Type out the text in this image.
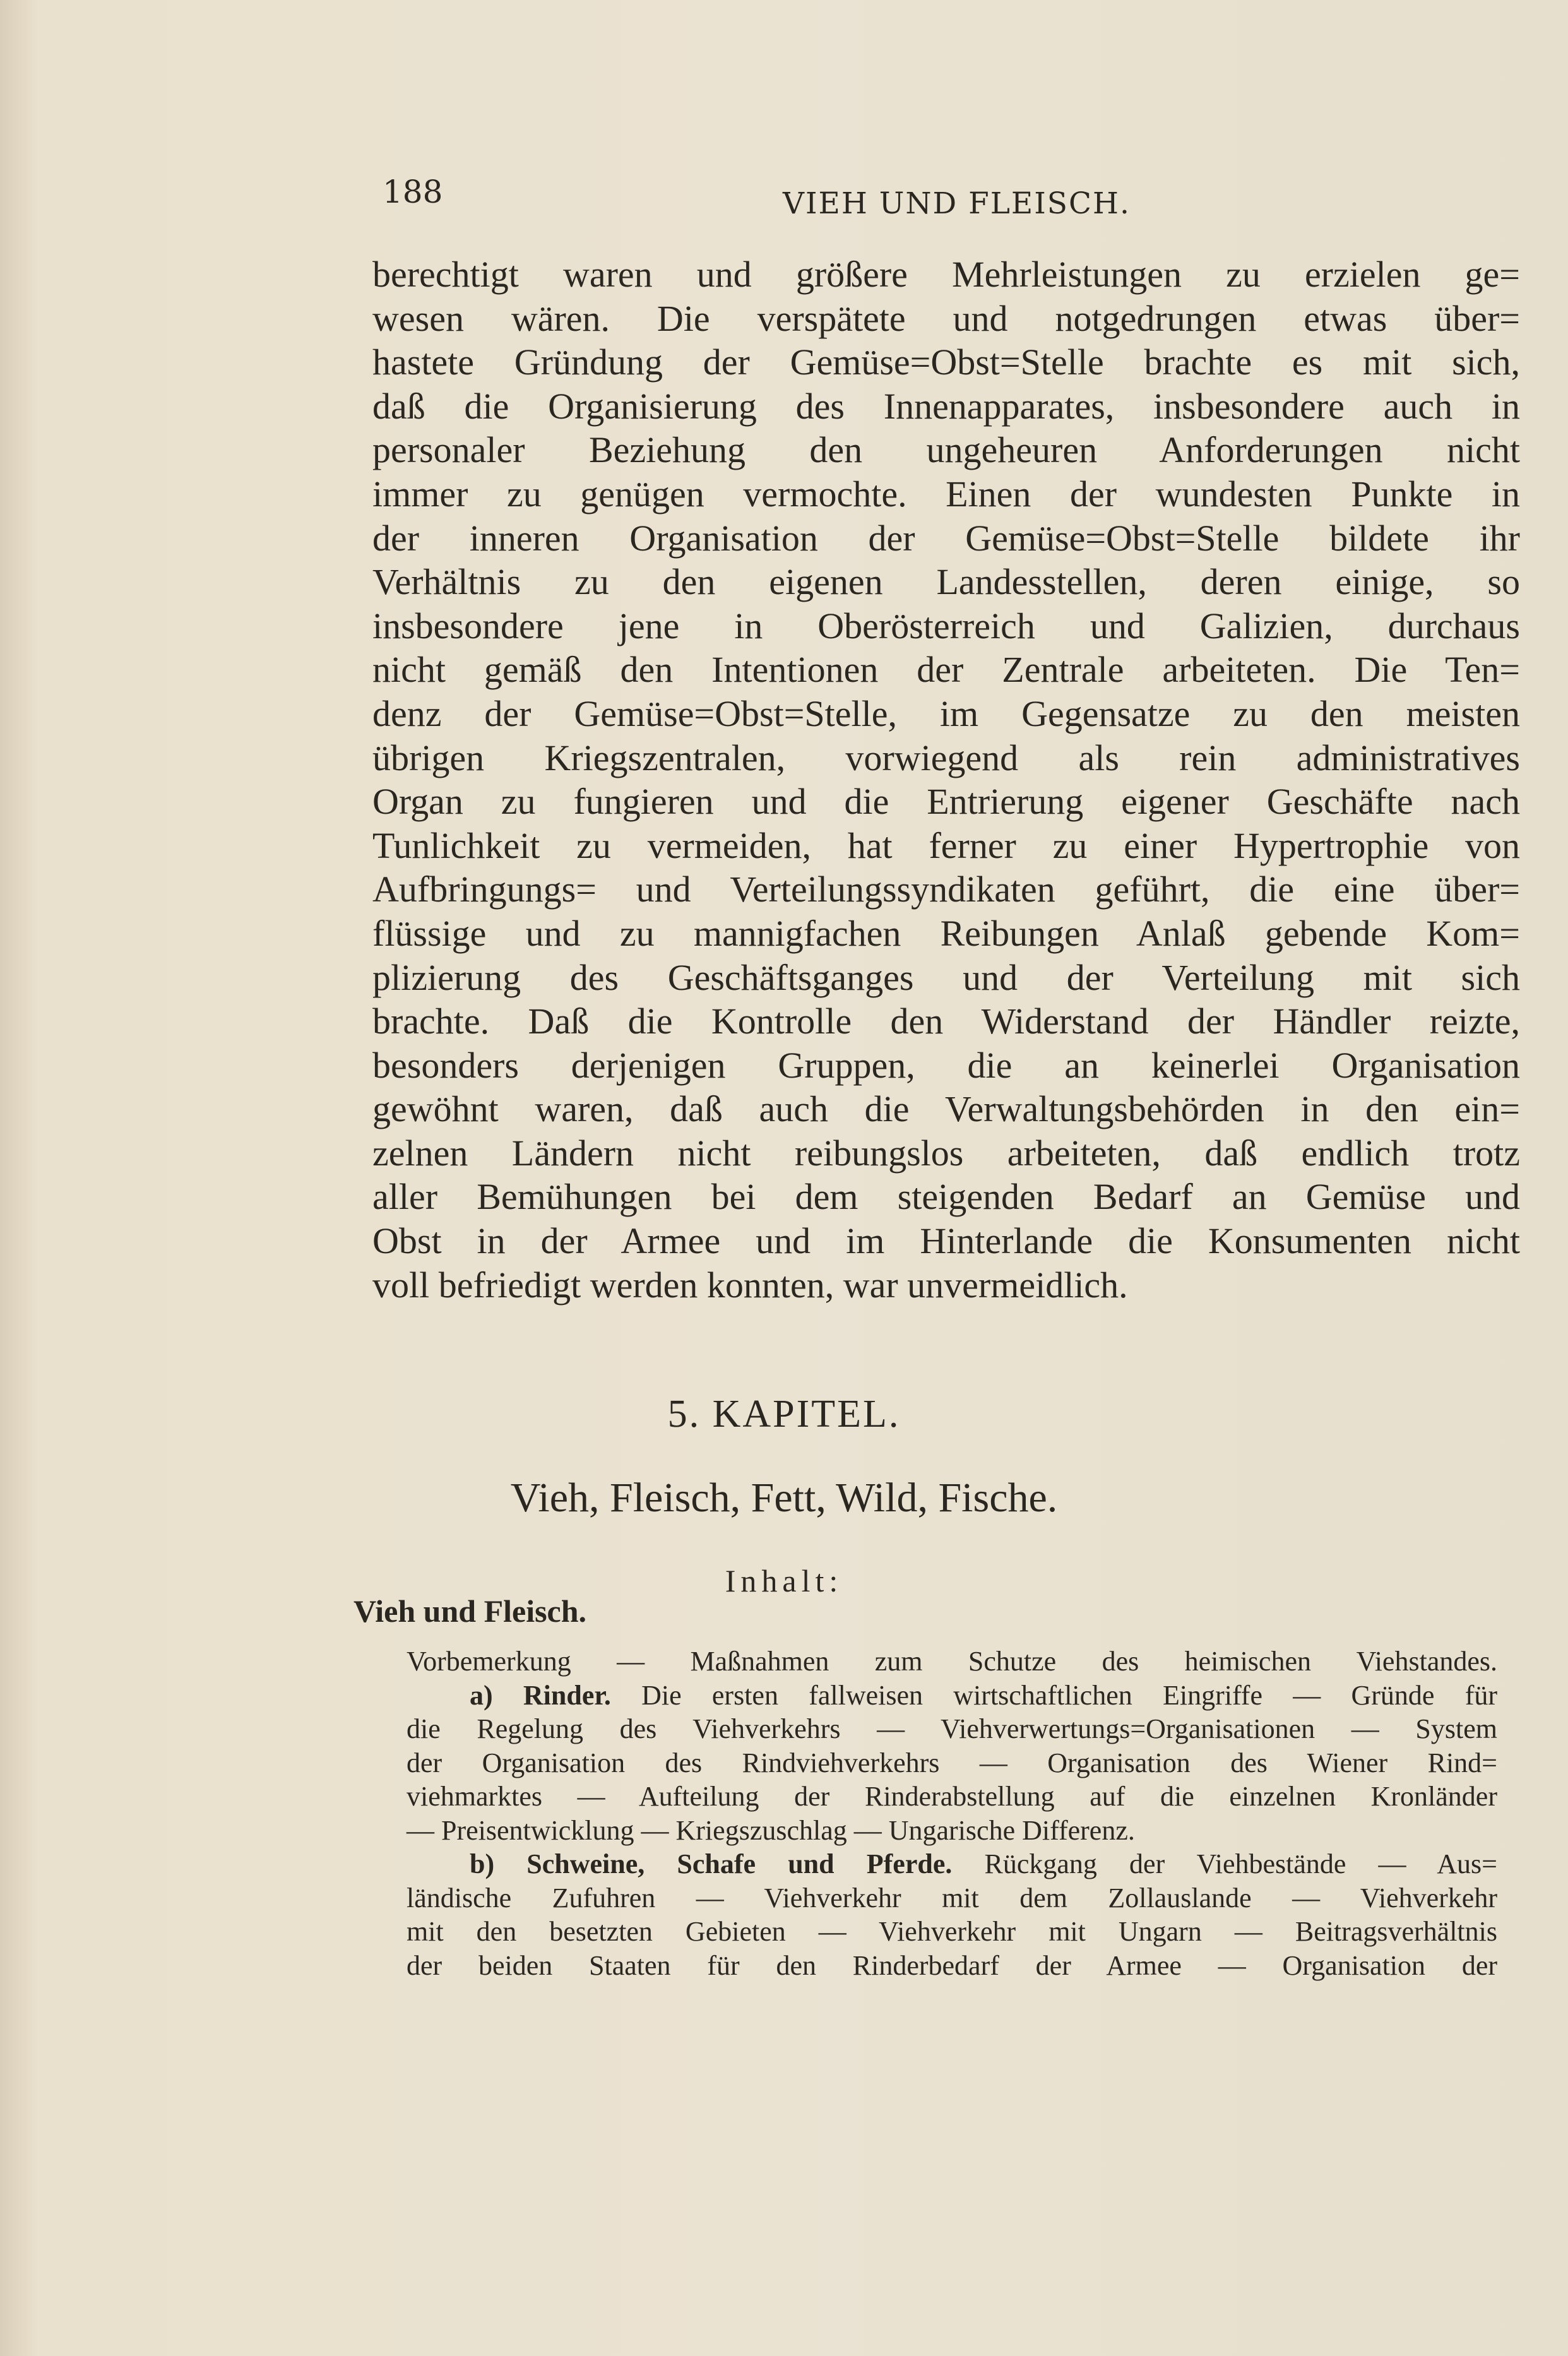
188	VIEH UND FLEISCH.
berechtigt waren und größere Mehrleistungen zu erzielen ge=
wesen wären. Die verspätete und notgedrungen etwas über=
hastete Gründung der Gemüse=Obst=Stelle brachte es mit sich,
daß die Organisierung des Innenapparates, insbesondere auch in
personaler Beziehung den ungeheuren Anforderungen nicht
immer zu genügen vermochte. Einen der wundesten Punkte in
der inneren Organisation der Gemüse=Obst=Stelle bildete ihr
Verhältnis zu den eigenen Landesstellen, deren einige, so
insbesondere jene in Oberösterreich und Galizien, durchaus
nicht gemäß den Intentionen der Zentrale arbeiteten. Die Ten=
denz der Gemüse=Obst=Stelle, im Gegensatze zu den meisten
übrigen Kriegszentralen, vorwiegend als rein administratives
Organ zu fungieren und die Entrierung eigener Geschäfte nach
Tunlichkeit zu vermeiden, hat ferner zu einer Hypertrophie von
Aufbringungs= und Verteilungssyndikaten geführt, die eine über=
flüssige und zu mannigfachen Reibungen Anlaß gebende Kom=
plizierung des Geschäftsganges und der Verteilung mit sich
brachte. Daß die Kontrolle den Widerstand der Händler reizte,
besonders derjenigen Gruppen, die an keinerlei Organisation
gewöhnt waren, daß auch die Verwaltungsbehörden in den ein=
zelnen Ländern nicht reibungslos arbeiteten, daß endlich trotz
aller Bemühungen bei dem steigenden Bedarf an Gemüse und
Obst in der Armee und im Hinterlande die Konsumenten nicht
voll befriedigt werden konnten, war unvermeidlich.
5. KAPITEL.
Vieh, Fleisch, Fett, Wild, Fische.
Inhalt:
Vieh und Fleisch.
Vorbemerkung — Maßnahmen zum Schutze des heimischen Viehstandes.
a) Rinder. Die ersten fallweisen wirtschaftlichen Eingriffe — Gründe für
die Regelung des Viehverkehrs — Viehverwertungs=Organisationen — System
der Organisation des Rindviehverkehrs — Organisation des Wiener Rind=
viehmarktes — Aufteilung der Rinderabstellung auf die einzelnen Kronländer
— Preisentwicklung — Kriegszuschlag — Ungarische Differenz.
b) Schweine, Schafe und Pferde. Rückgang der Viehbestände — Aus=
ländische Zufuhren — Viehverkehr mit dem Zollauslande — Viehverkehr
mit den besetzten Gebieten — Viehverkehr mit Ungarn — Beitragsverhältnis
der beiden Staaten für den Rinderbedarf der Armee — Organisation der
